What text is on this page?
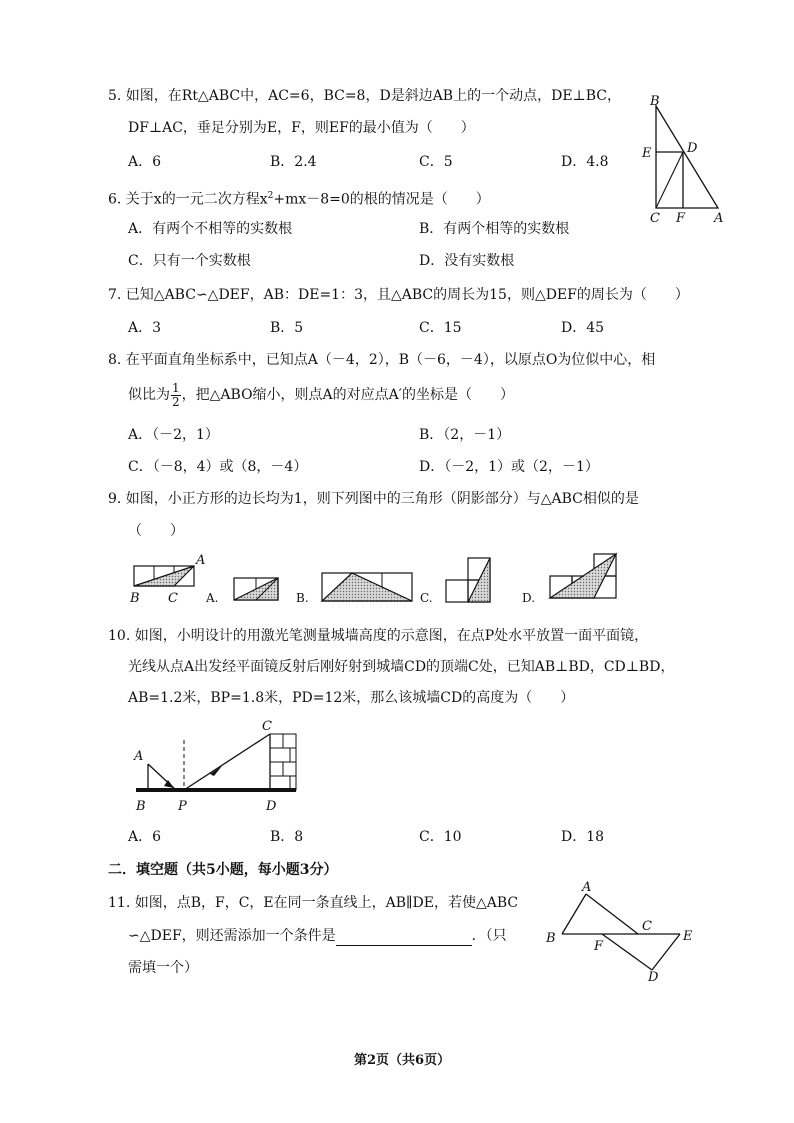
5. 如图，在Rt△ABC中，AC=6，BC=8，D是斜边AB上的一个动点，DE⊥BC，
DF⊥AC，垂足分别为E，F，则EF的最小值为（　　）
A．6	B．2.4	C．5	D．4.8
B
E	D
C F A
6. 关于x的一元二次方程$x^2+mx-8=0$的根的情况是（　　）
A．有两个不相等的实数根	B．有两个相等的实数根
C．只有一个实数根	D．没有实数根
7. 已知△ABC∽△DEF，AB：DE=1：3，且△ABC的周长为15，则△DEF的周长为（　　）
A．3	B．5	C．15	D．45
8. 在平面直角坐标系中，已知点A（－4，2），B（－6，－4），以原点O为位似中心，相
似比为 $\frac{1}{2}$ ，把△ABO缩小，则点A的对应点A′的坐标是（　　）
A．（－2，1）	B．（2，－1）
C．（－8，4）或（8，－4）	D．（－2，1）或（2，－1）
9. 如图，小正方形的边长均为1，则下列图中的三角形（阴影部分）与△ABC相似的是
（　　）
A
B C A.	B.	C.	D.
10. 如图，小明设计的用激光笔测量城墙高度的示意图，在点P处水平放置一面平面镜，
光线从点A出发经平面镜反射后刚好射到城墙CD的顶端C处，已知AB⊥BD，CD⊥BD，
AB=1.2米，BP=1.8米，PD=12米，那么该城墙CD的高度为（　　）
A
B P	D
C
A．6	B．8	C．10	D．18
二．填空题（共5小题，每小题3分）
11. 如图，点B，F，C，E在同一条直线上，AB∥DE，若使△ABC
∽△DEF，则还需添加一个条件是	．（只
需填一个）
A
B
C
F
E
D
第2页（共6页）
